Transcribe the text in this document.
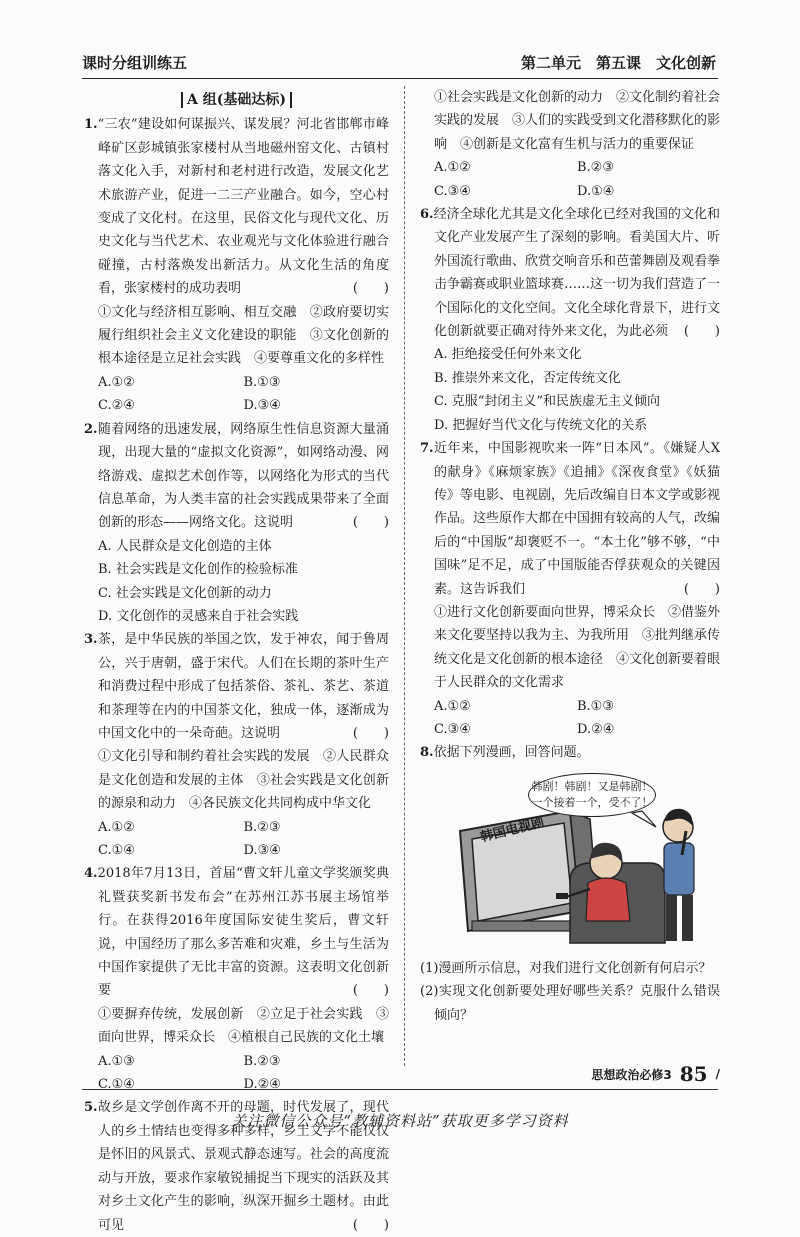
课时分组训练五	第二单元　第五课　文化创新
A 组(基础达标)
1.“三农”建设如何谋振兴、谋发展？河北省邯郸市峰峰矿区彭城镇张家楼村从当地磁州窑文化、古镇村落文化入手，对新村和老村进行改造，发展文化艺术旅游产业，促进一二三产业融合。如今，空心村变成了文化村。在这里，民俗文化与现代文化、历史文化与当代艺术、农业观光与文化体验进行融合碰撞，古村落焕发出新活力。从文化生活的角度看，张家楼村的成功表明	(　　)
①文化与经济相互影响、相互交融　②政府要切实履行组织社会主义文化建设的职能　③文化创新的根本途径是立足社会实践　④要尊重文化的多样性
A.①②	B.①③
C.②④	D.③④
2.随着网络的迅速发展，网络原生性信息资源大量涌现，出现大量的“虚拟文化资源”，如网络动漫、网络游戏、虚拟艺术创作等，以网络化为形式的当代信息革命，为人类丰富的社会实践成果带来了全面创新的形态——网络文化。这说明	(　　)
A. 人民群众是文化创造的主体
B. 社会实践是文化创作的检验标准
C. 社会实践是文化创新的动力
D. 文化创作的灵感来自于社会实践
3.茶，是中华民族的举国之饮，发于神农，闻于鲁周公，兴于唐朝，盛于宋代。人们在长期的茶叶生产和消费过程中形成了包括茶俗、茶礼、茶艺、茶道和茶理等在内的中国茶文化，独成一体，逐渐成为中国文化中的一朵奇葩。这说明	(　　)
①文化引导和制约着社会实践的发展　②人民群众是文化创造和发展的主体　③社会实践是文化创新的源泉和动力　④各民族文化共同构成中华文化
A.①②	B.②③
C.①④	D.③④
4.2018年7月13日，首届“曹文轩儿童文学奖颁奖典礼暨获奖新书发布会”在苏州江苏书展主场馆举行。在获得2016年度国际安徒生奖后，曹文轩说，中国经历了那么多苦难和灾难，乡土与生活为中国作家提供了无比丰富的资源。这表明文化创新要	(　　)
①要摒弃传统，发展创新　②立足于社会实践　③面向世界，博采众长　④植根自己民族的文化土壤
A.①③	B.②③
C.①④	D.②④
5.故乡是文学创作离不开的母题，时代发展了，现代人的乡土情结也变得多种多样，乡土文学不能仅仅是怀旧的风景式、景观式静态速写。社会的高度流动与开放，要求作家敏锐捕捉当下现实的活跃及其对乡土文化产生的影响，纵深开掘乡土题材。由此可见	(　　)
①社会实践是文化创新的动力　②文化制约着社会实践的发展　③人们的实践受到文化潜移默化的影响　④创新是文化富有生机与活力的重要保证
A.①②	B.②③
C.③④	D.①④
6.经济全球化尤其是文化全球化已经对我国的文化和文化产业发展产生了深刻的影响。看美国大片、听外国流行歌曲、欣赏交响音乐和芭蕾舞剧及观看拳击争霸赛或职业篮球赛……这一切为我们营造了一个国际化的文化空间。文化全球化背景下，进行文化创新就要正确对待外来文化，为此必须 (　　)
A. 拒绝接受任何外来文化
B. 推崇外来文化，否定传统文化
C. 克服“封闭主义”和民族虚无主义倾向
D. 把握好当代文化与传统文化的关系
7.近年来，中国影视吹来一阵“日本风”。《嫌疑人X的献身》《麻烦家族》《追捕》《深夜食堂》《妖猫传》等电影、电视剧，先后改编自日本文学或影视作品。这些原作大都在中国拥有较高的人气，改编后的“中国版”却褒贬不一。“本土化”够不够，“中国味”足不足，成了中国版能否俘获观众的关键因素。这告诉我们	(　　)
①进行文化创新要面向世界，博采众长　②借鉴外来文化要坚持以我为主、为我所用　③批判继承传统文化是文化创新的根本途径　④文化创新要着眼于人民群众的文化需求
A.①②	B.①③
C.③④	D.②④
8.依据下列漫画，回答问题。
韩剧！韩剧！又是韩剧！
一个接着一个，受不了！
韩国电视剧
(1)漫画所示信息，对我们进行文化创新有何启示？
(2)实现文化创新要处理好哪些关系？克服什么错误倾向？
思想政治必修3 85 /
关注微信公众号“教辅资料站”获取更多学习资料
